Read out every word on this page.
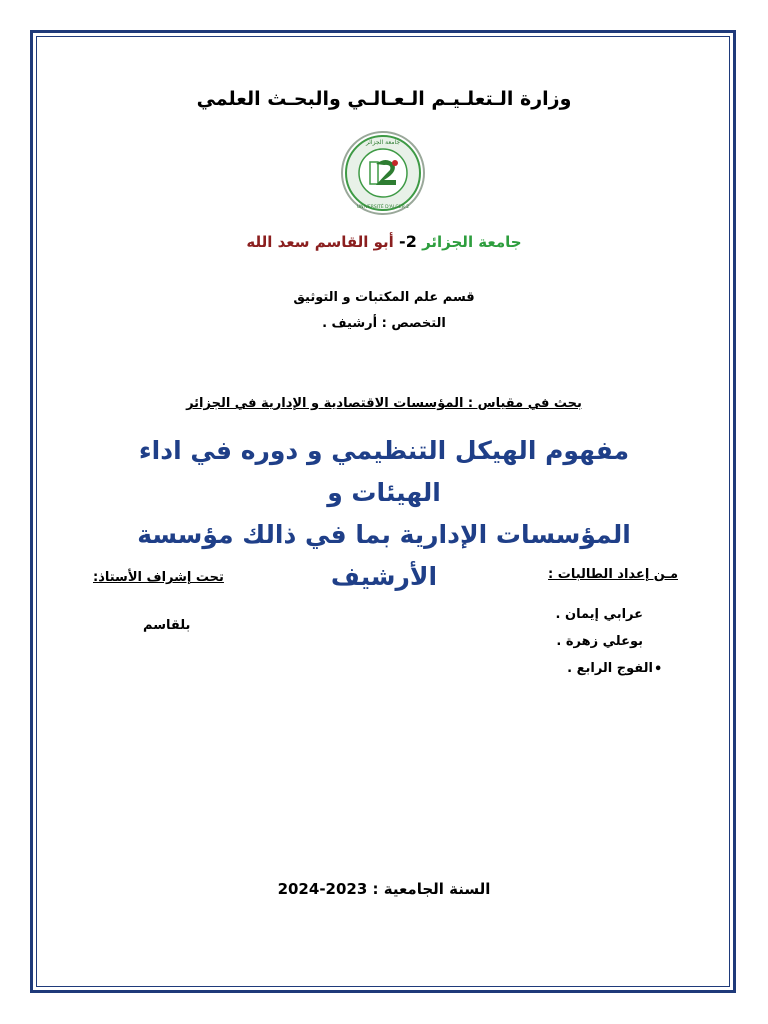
وزارة الـتعلـيـم الـعـالـي والبحـث العلمي
جامعة الجزائر
UNIVERSITÉ D'ALGER 2
جامعة الجزائر 2- أبو القاسم سعد الله
قسم علم المكتبات و التوثيق
التخصص : أرشيف .
بحث في مقياس : المؤسسات الاقتصادية و الإدارية في الجزائر
مفهوم الهيكل التنظيمي و دوره في اداء الهيئات و
المؤسسات الإدارية بما في ذالك مؤسسة الأرشيف	مـن إعداد الطالبات :
تحت إشراف الأستاذ:
بلقاسم
عرابي إيمان .
بوعلي زهرة .
•
الفوج الرابع .
السنة الجامعية : 2023-2024
